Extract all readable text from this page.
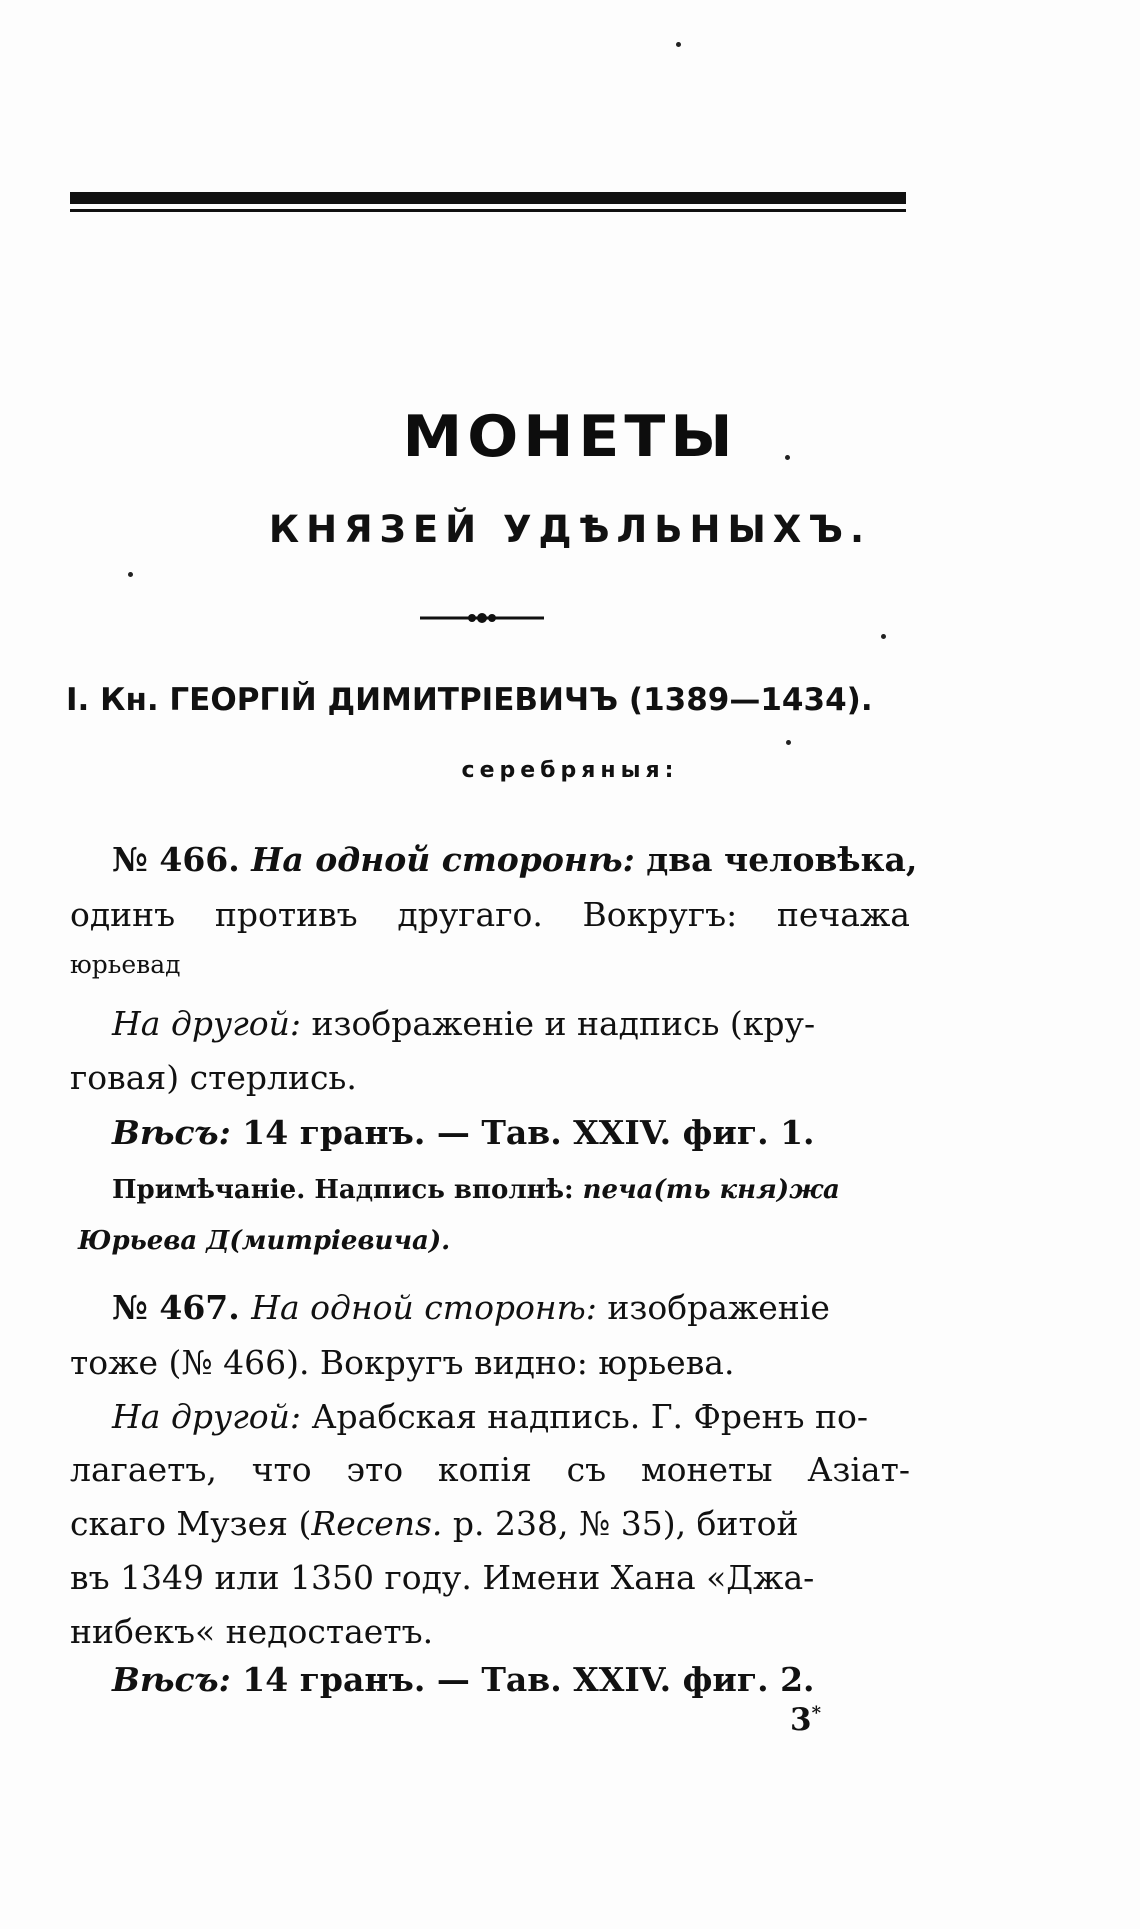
МОНЕТЫ
КНЯЗЕЙ УДѢЛЬНЫХЪ.
I. Кн. ГЕОРГІЙ ДИМИТРІЕВИЧЪ (1389—1434).
серебряныя:
№ 466. На одной сторонѣ: два человѣка,
одинъ противъ другаго. Вокругъ: печажа
юрьевад
На другой: изображеніе и надпись (кру-
говая) стерлись.
Вѣсъ: 14 гранъ. — Тав. XXIV. фиг. 1.
Примѣчаніе. Надпись вполнѣ: печа(ть кня)жа
Юрьева Д(митріевича).
№ 467. На одной сторонѣ: изображеніе
тоже (№ 466). Вокругъ видно: юрьева.
На другой: Арабская надпись. Г. Френъ по-
лагаетъ, что это копія съ монеты Азіат-
скаго Музея (Recens. p. 238, № 35), битой
въ 1349 или 1350 году. Имени Хана «Джа-
нибекъ« недостаетъ.
Вѣсъ: 14 гранъ. — Тав. XXIV. фиг. 2.
3*
